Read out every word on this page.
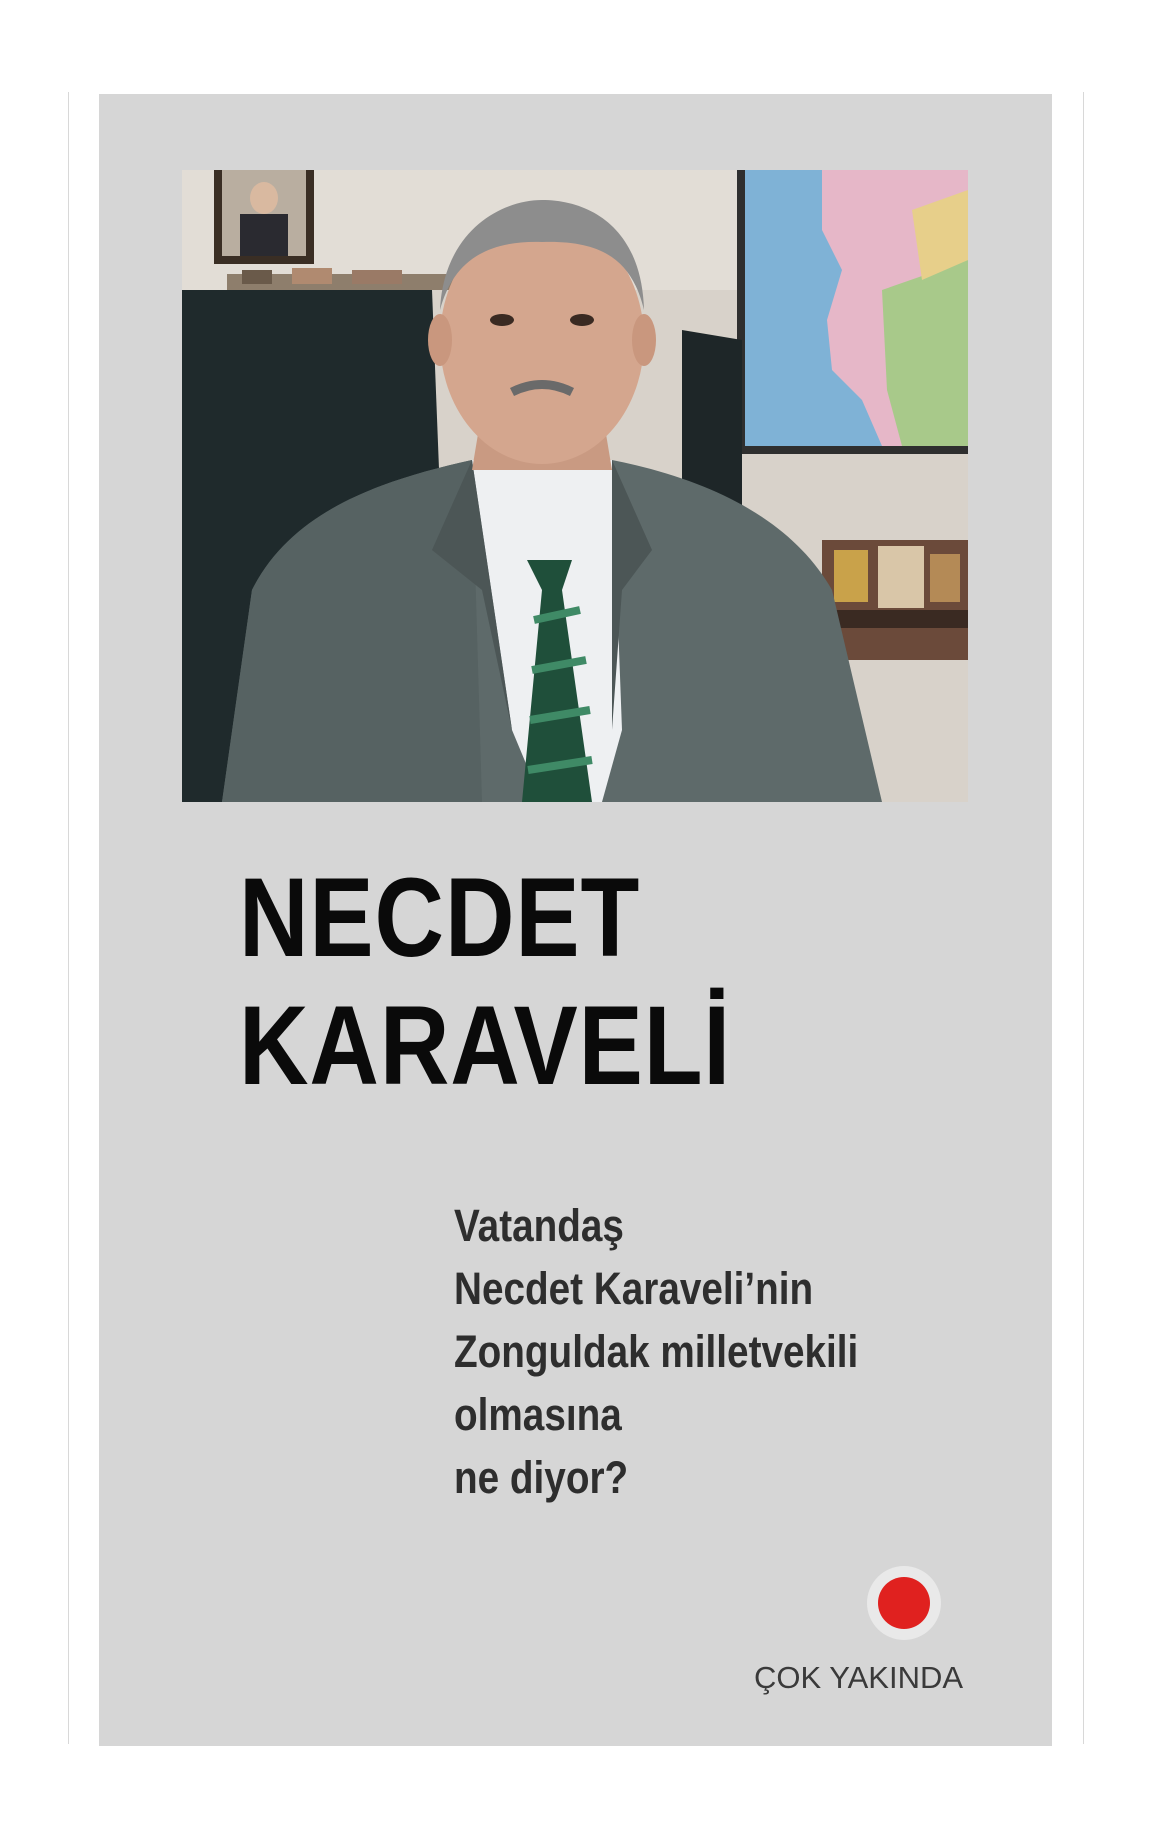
NECDET
KARAVELİ
Vatandaş
Necdet Karaveli’nin
Zonguldak milletvekili
olmasına
ne diyor?
ÇOK YAKINDA
